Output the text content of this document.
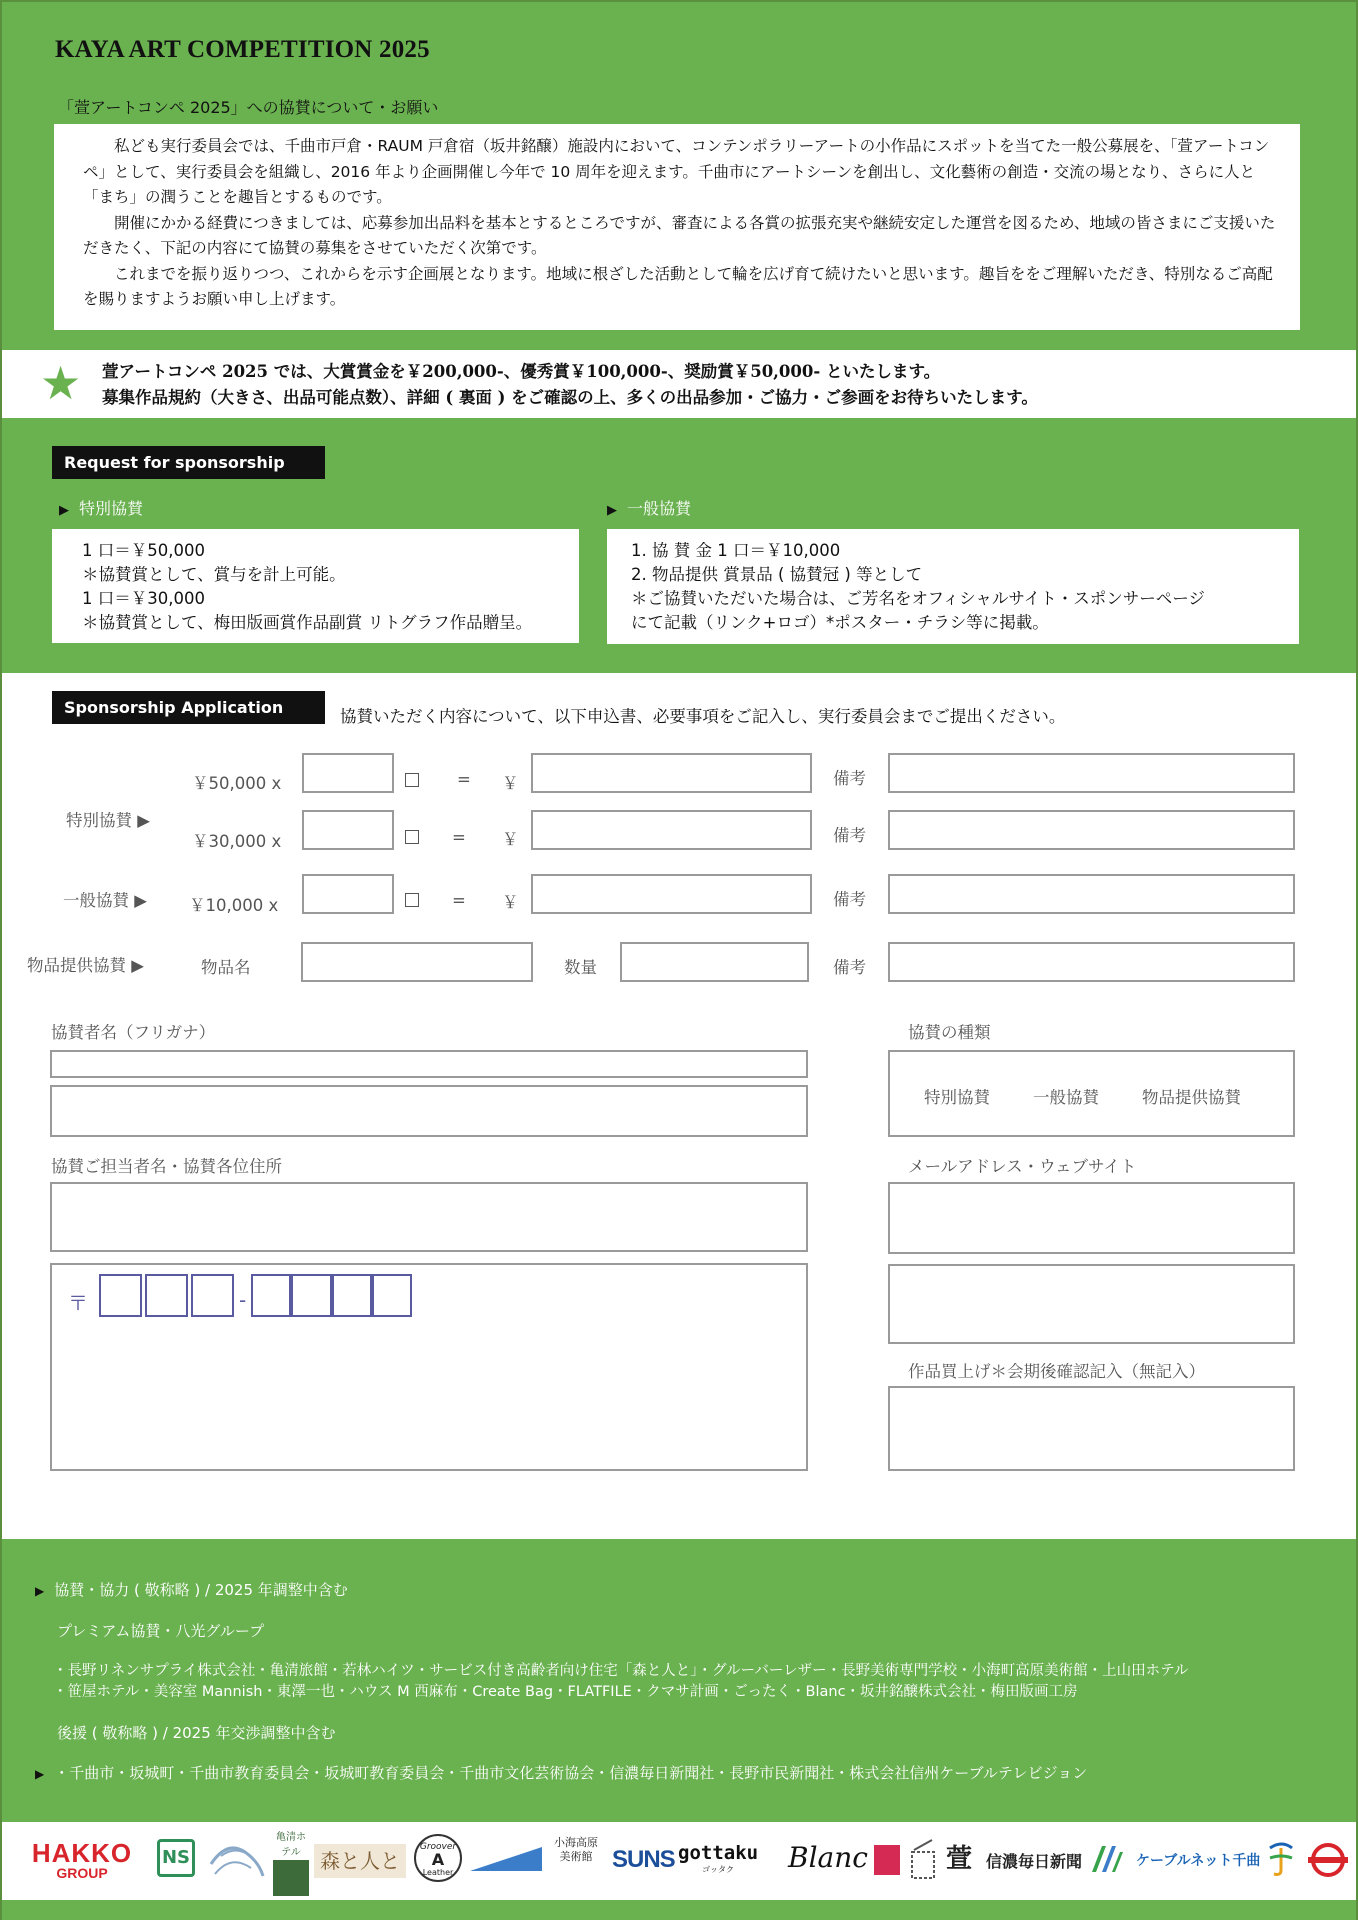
KAYA ART COMPETITION 2025
「萱アートコンペ 2025」への協賛について・お願い

私ども実行委員会では、千曲市戸倉・RAUM 戸倉宿（坂井銘醸）施設内において、コンテンポラリーアートの小作品にスポットを当てた一般公募展を、「萱アートコンペ」として、実行委員会を組織し、2016 年より企画開催し今年で 10 周年を迎えます。千曲市にアートシーンを創出し、文化藝術の創造・交流の場となり、さらに人と「まち」の潤うことを趣旨とするものです。

開催にかかる経費につきましては、応募参加出品料を基本とするところですが、審査による各賞の拡張充実や継続安定した運営を図るため、地域の皆さまにご支援いただきたく、下記の内容にて協賛の募集をさせていただく次第です。

これまでを振り返りつつ、これからを示す企画展となります。地域に根ざした活動として輪を広げ育て続けたいと思います。趣旨ををご理解いただき、特別なるご高配を賜りますようお願い申し上げます。

★ 萱アートコンペ 2025 では、大賞賞金を￥200,000-、優秀賞￥100,000-、奨励賞￥50,000- といたします。
募集作品規約（大きさ、出品可能点数）、詳細 ( 裏面 ) をご確認の上、多くの出品参加・ご協力・ご参画をお待ちいたします。
Request for sponsorship
▶ 特別協賛	▶ 一般協賛
1 口＝￥50,000
＊協賛賞として、賞与を計上可能。
1 口＝￥30,000
＊協賛賞として、梅田版画賞作品副賞 リトグラフ作品贈呈。
1. 協 賛 金 1 口＝￥10,000
2. 物品提供 賞景品 ( 協賛冠 ) 等として
＊ご協賛いただいた場合は、ご芳名をオフィシャルサイト・スポンサーページ
にて記載（リンク+ロゴ）*ポスター・チラシ等に掲載。
Sponsorship Application	協賛いただく内容について、以下申込書、必要事項をご記入し、実行委員会までご提出ください。
￥50,000 x	= ￥	備考
特別協賛 ▶
￥30,000 x	= ￥	備考
一般協賛 ▶	￥10,000 x	= ￥	備考
物品提供協賛 ▶	物品名	数量	備考
協賛者名（フリガナ）	協賛の種類
特別協賛	一般協賛	物品提供協賛
協賛ご担当者名・協賛各位住所
〒	-
メールアドレス・ウェブサイト
作品買上げ＊会期後確認記入（無記入）
▶ 協賛・協力 ( 敬称略 ) / 2025 年調整中含む
プレミアム協賛・八光グループ
・長野リネンサプライ株式会社・亀清旅館・若林ハイツ・サービス付き高齢者向け住宅「森と人と」・グルーバーレザー・長野美術専門学校・小海町高原美術館・上山田ホテル
・笹屋ホテル・美容室 Mannish・東澤一也・ハウス M 西麻布・Create Bag・FLATFILE・クマサ計画・ごったく・Blanc・坂井銘醸株式会社・梅田版画工房
後援 ( 敬称略 ) / 2025 年交渉調整中含む
▶ ・千曲市・坂城町・千曲市教育委員会・坂城町教育委員会・千曲市文化芸術協会・信濃毎日新聞社・長野市民新聞社・株式会社信州ケーブルテレビジョン
HAKKO
GROUP
NS
亀清ホテル 森と人と
Groover
A
Leather
小海高原美術館 SUNS gottaku
ゴッタク	Blanc	萱 信濃毎日新聞	ケーブルネット千曲
